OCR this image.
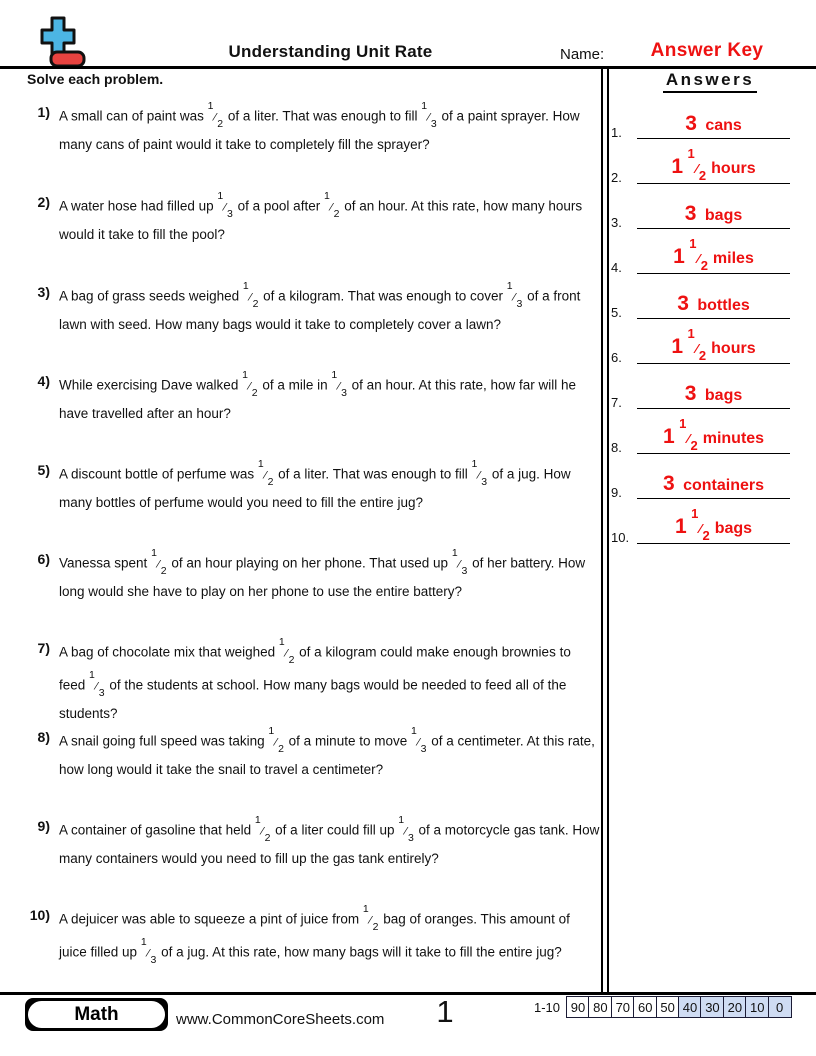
Understanding Unit Rate	Name:	Answer Key
Solve each problem.
1) A small can of paint was $^1⁄_2$ of a liter. That was enough to fill $^1⁄_3$ of a paint sprayer. How many cans of paint would it take to completely fill the sprayer?
2) A water hose had filled up $^1⁄_3$ of a pool after $^1⁄_2$ of an hour. At this rate, how many hours would it take to fill the pool?
3) A bag of grass seeds weighed $^1⁄_2$ of a kilogram. That was enough to cover $^1⁄_3$ of a front lawn with seed. How many bags would it take to completely cover a lawn?
4) While exercising Dave walked $^1⁄_2$ of a mile in $^1⁄_3$ of an hour. At this rate, how far will he have travelled after an hour?
5) A discount bottle of perfume was $^1⁄_2$ of a liter. That was enough to fill $^1⁄_3$ of a jug. How many bottles of perfume would you need to fill the entire jug?
6) Vanessa spent $^1⁄_2$ of an hour playing on her phone. That used up $^1⁄_3$ of her battery. How long would she have to play on her phone to use the entire battery?
7) A bag of chocolate mix that weighed $^1⁄_2$ of a kilogram could make enough brownies to feed $^1⁄_3$ of the students at school. How many bags would be needed to feed all of the students?
8) A snail going full speed was taking $^1⁄_2$ of a minute to move $^1⁄_3$ of a centimeter. At this rate, how long would it take the snail to travel a centimeter?
9) A container of gasoline that held $^1⁄_2$ of a liter could fill up $^1⁄_3$ of a motorcycle gas tank. How many containers would you need to fill up the gas tank entirely?
10) A dejuicer was able to squeeze a pint of juice from $^1⁄_2$ bag of oranges. This amount of juice filled up $^1⁄_3$ of a jug. At this rate, how many bags will it take to fill the entire jug?
Answers
1.	3 cans
2.	1 $^1⁄_2$ hours
3.	3 bags
4.	1 $^1⁄_2$ miles
5.	3 bottles
6.	1 $^1⁄_2$ hours
7.	3 bags
8.	1 $^1⁄_2$ minutes
9.	3 containers
10. 1 $^1⁄_2$ bags
Math	www.CommonCoreSheets.com	1	1-10 90 80 70 60 50 40 30 20 10 0
